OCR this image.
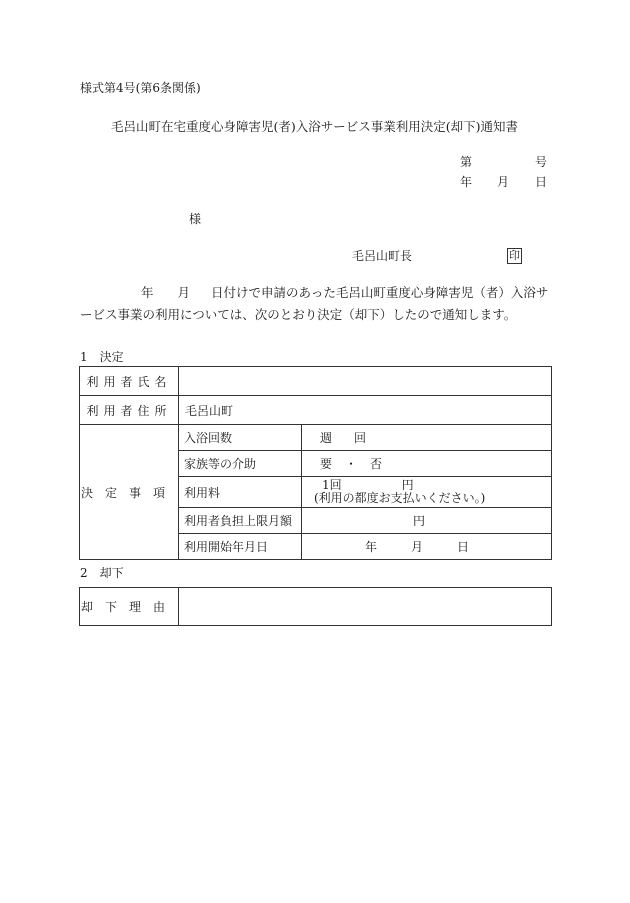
様式第4号(第6条関係)
毛呂山町在宅重度心身障害児(者)入浴サービス事業利用決定(却下)通知書
第	号
年 月 日
様
毛呂山町長	印
年 月 日付けで申請のあった毛呂山町重度心身障害児（者）入浴サ
ービス事業の利用については、次のとおり決定（却下）したので通知します。
1　決定
利用者氏名		
利用者住所	毛呂山町	
決定事項	入浴回数	週 回
	家族等の介助	要 ・ 否
	利用料	1回 円
(利用の都度お支払いください。)

	利用者負担上限月額	円
	利用開始年月日	年 月 日
2　却下
却下理由	
